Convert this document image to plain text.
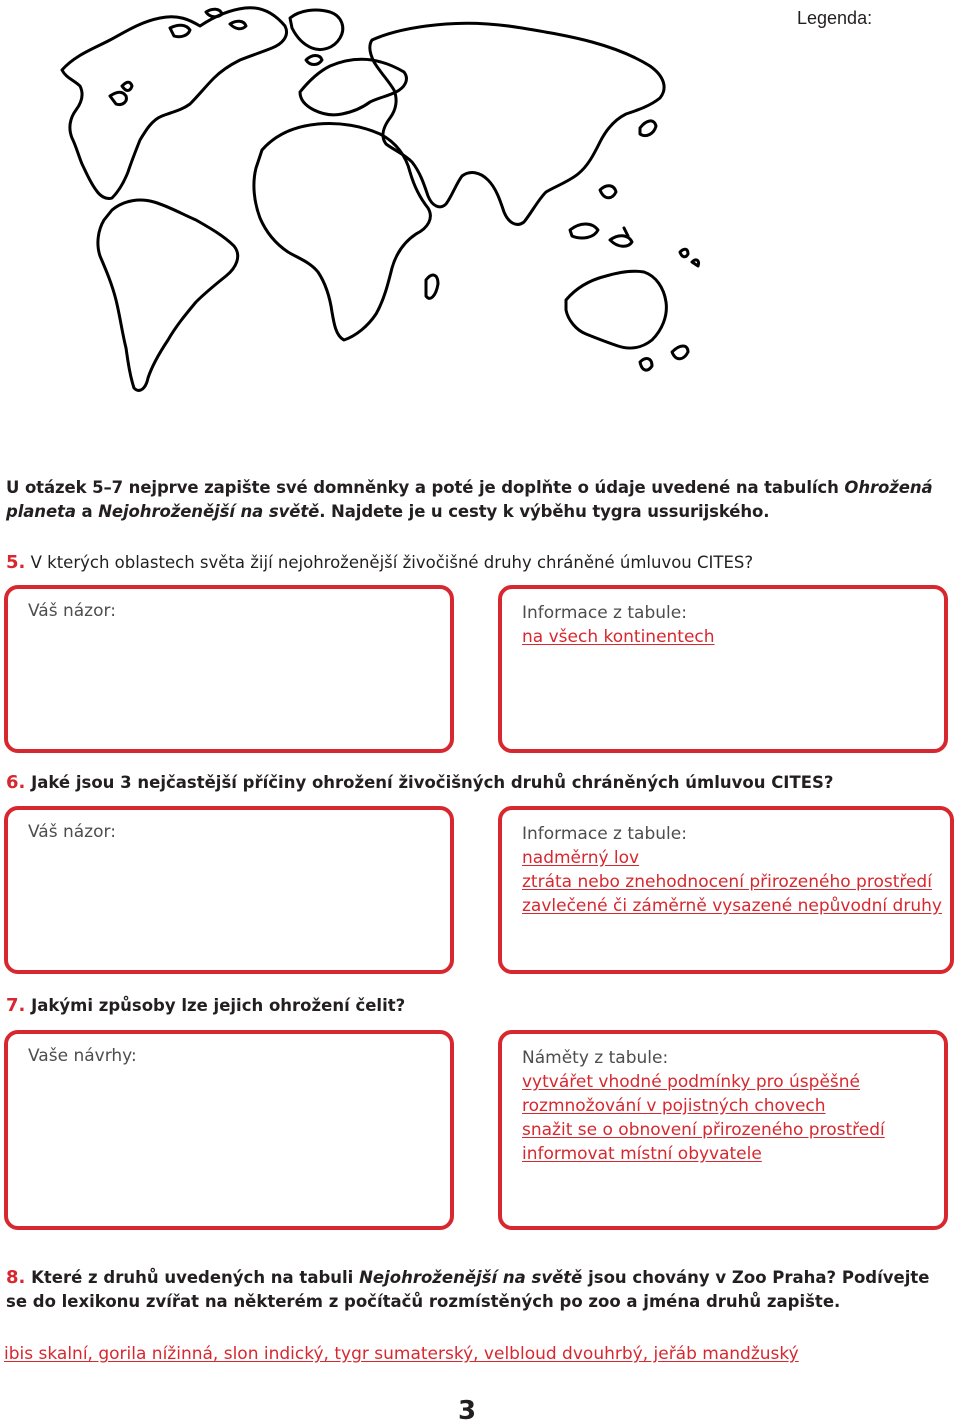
Legenda:
U otázek 5–7 nejprve zapište své domněnky a poté je doplňte o údaje uvedené na tabulích Ohrožená planeta a Nejohroženější na světě. Najdete je u cesty k výběhu tygra ussurijského.
5. V kterých oblastech světa žijí nejohroženější živočišné druhy chráněné úmluvou CITES?
Váš názor:	Informace z tabule:
na všech kontinentech
6. Jaké jsou 3 nejčastější příčiny ohrožení živočišných druhů chráněných úmluvou CITES?
Váš názor:	Informace z tabule:
nadměrný lov
ztráta nebo znehodnocení přirozeného prostředí
zavlečené či záměrně vysazené nepůvodní druhy
7. Jakými způsoby lze jejich ohrožení čelit?
Vaše návrhy:	Náměty z tabule:
vytvářet vhodné podmínky pro úspěšné
rozmnožování v pojistných chovech
snažit se o obnovení přirozeného prostředí
informovat místní obyvatele
8. Které z druhů uvedených na tabuli Nejohroženější na světě jsou chovány v Zoo Praha? Podívejte se do lexikonu zvířat na některém z počítačů rozmístěných po zoo a jména druhů zapište.
ibis skalní, gorila nížinná, slon indický, tygr sumaterský, velbloud dvouhrbý, jeřáb mandžuský
3
